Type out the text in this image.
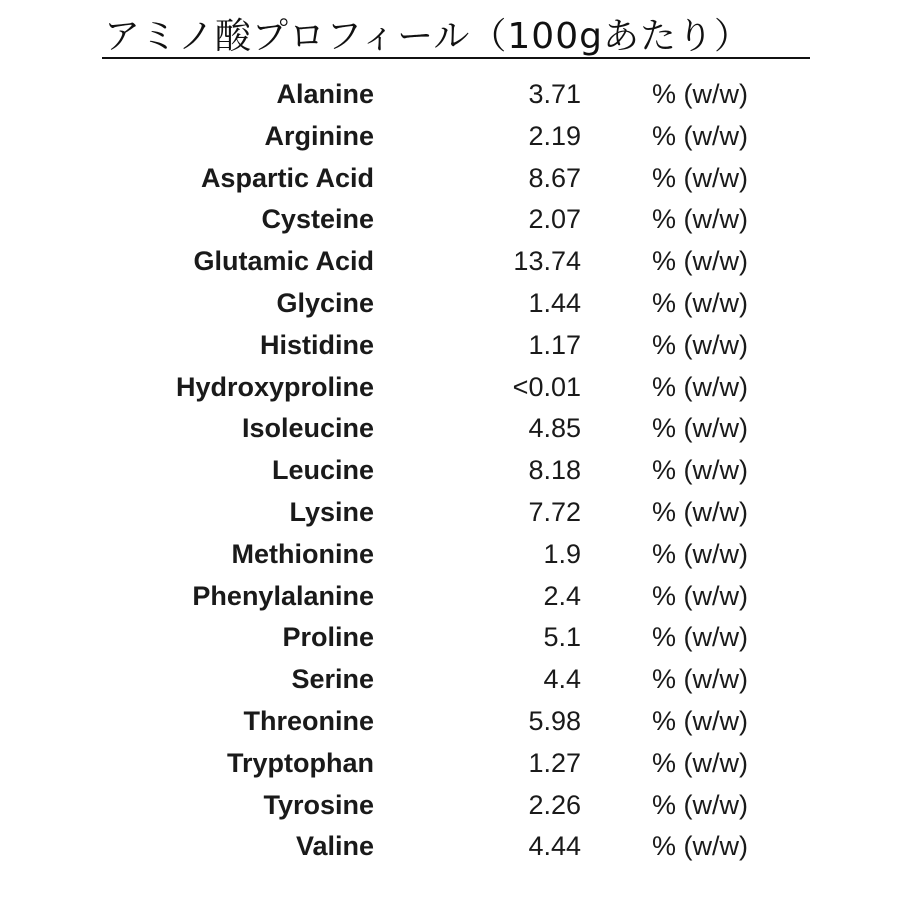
アミノ酸プロフィール（100gあたり）
Alanine	3.71	% (w/w)
Arginine	2.19	% (w/w)
Aspartic Acid	8.67	% (w/w)
Cysteine	2.07	% (w/w)
Glutamic Acid	13.74	% (w/w)
Glycine	1.44	% (w/w)
Histidine	1.17	% (w/w)
Hydroxyproline	<0.01	% (w/w)
Isoleucine	4.85	% (w/w)
Leucine	8.18	% (w/w)
Lysine	7.72	% (w/w)
Methionine	1.9	% (w/w)
Phenylalanine	2.4	% (w/w)
Proline	5.1	% (w/w)
Serine	4.4	% (w/w)
Threonine	5.98	% (w/w)
Tryptophan	1.27	% (w/w)
Tyrosine	2.26	% (w/w)
Valine	4.44	% (w/w)
